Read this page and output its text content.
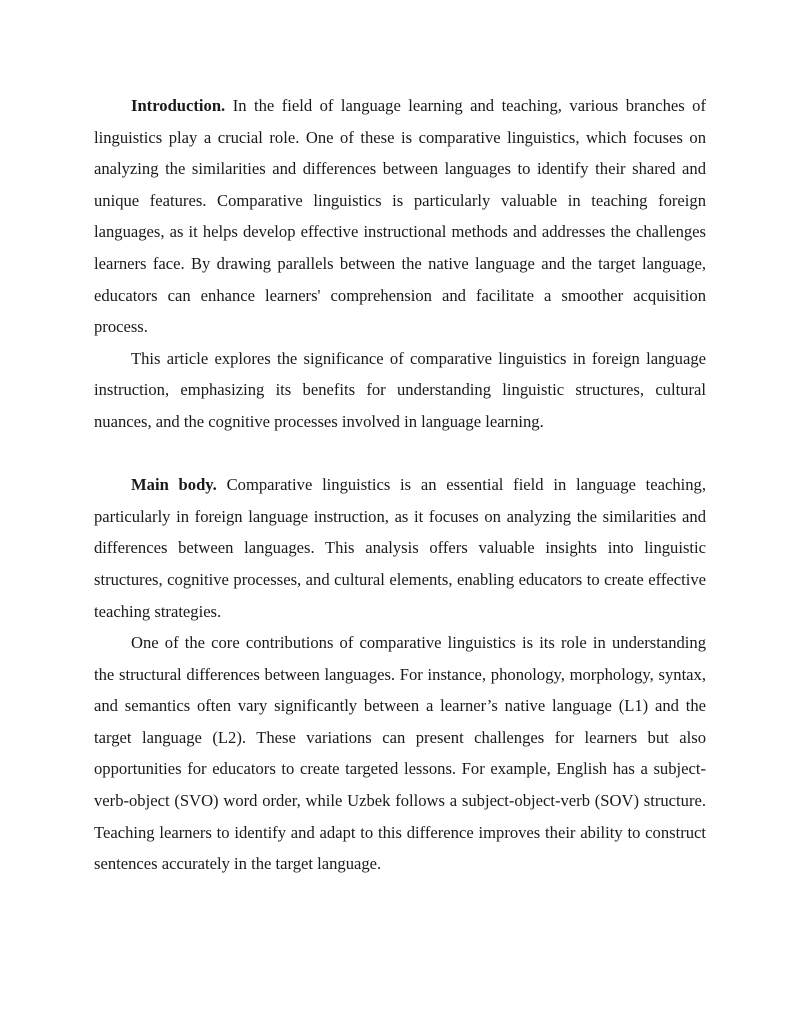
Introduction. In the field of language learning and teaching, various branches of linguistics play a crucial role. One of these is comparative linguistics, which focuses on analyzing the similarities and differences between languages to identify their shared and unique features. Comparative linguistics is particularly valuable in teaching foreign languages, as it helps develop effective instructional methods and addresses the challenges learners face. By drawing parallels between the native language and the target language, educators can enhance learners' comprehension and facilitate a smoother acquisition process.

This article explores the significance of comparative linguistics in foreign language instruction, emphasizing its benefits for understanding linguistic structures, cultural nuances, and the cognitive processes involved in language learning.

Main body. Comparative linguistics is an essential field in language teaching, particularly in foreign language instruction, as it focuses on analyzing the similarities and differences between languages. This analysis offers valuable insights into linguistic structures, cognitive processes, and cultural elements, enabling educators to create effective teaching strategies.

One of the core contributions of comparative linguistics is its role in understanding the structural differences between languages. For instance, phonology, morphology, syntax, and semantics often vary significantly between a learner’s native language (L1) and the target language (L2). These variations can present challenges for learners but also opportunities for educators to create targeted lessons. For example, English has a subject-verb-object (SVO) word order, while Uzbek follows a subject-object-verb (SOV) structure. Teaching learners to identify and adapt to this difference improves their ability to construct sentences accurately in the target language.
